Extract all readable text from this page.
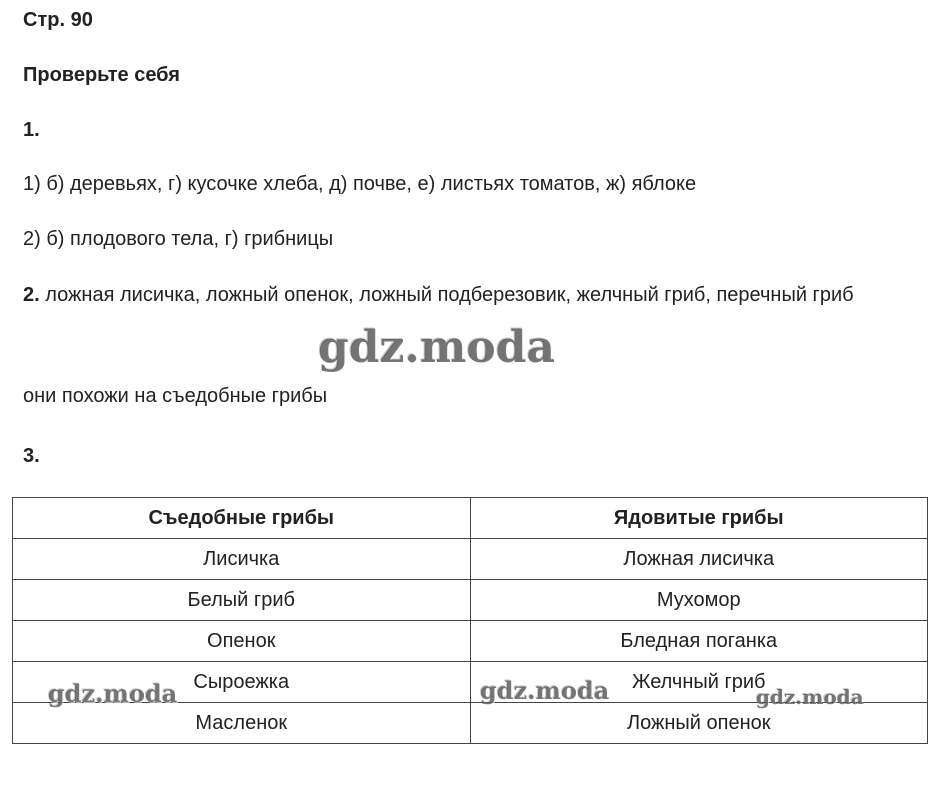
Стр. 90
Проверьте себя
1.
1) б) деревьях, г) кусочке хлеба, д) почве, е) листьях томатов, ж) яблоке
2) б) плодового тела, г) грибницы
2. ложная лисичка, ложный опенок, ложный подберезовик, желчный гриб, перечный гриб
они похожи на съедобные грибы
3.
Съедобные грибы	Ядовитые грибы
Лисичка	Ложная лисичка
Белый гриб	Мухомор
Опенок	Бледная поганка
Сыроежка	Желчный гриб
Масленок	Ложный опенок
gdz.moda
gdz.moda	gdz.moda	gdz.moda
